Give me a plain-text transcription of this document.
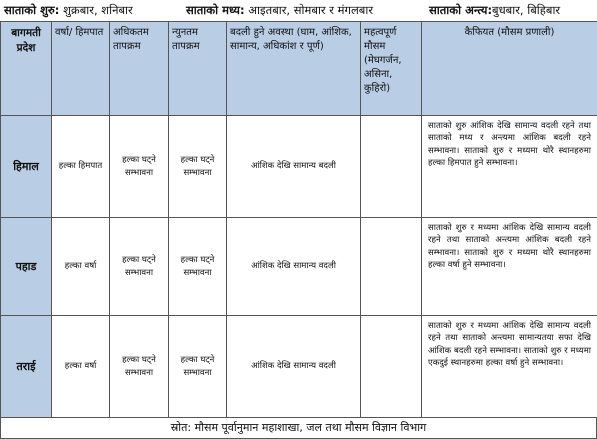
साताको शुरु: शुक्रबार, शनिबार	साताको मध्य: आइतबार, सोमबार र मंगलबार	साताको अन्त्य:बुधबार, बिहिबार
बागमती प्रदेश	वर्षा/ हिमपात	अधिकतम तापक्रम	न्युनतम तापक्रम	बदली हुने अवस्था (घाम, आंशिक, सामान्य, अधिकांश र पूर्ण)	महत्वपूर्ण मौसम (मेघगर्जन, असिना, कुहिरो)	कैफियत (मौसम प्रणाली)
हिमाल	हल्का हिमपात	हल्का घट्ने सम्भावना	हल्का घट्ने सम्भावना	आंशिक देखि सामान्य बदली		साताको शुरु आंशिक देखि सामान्य वदली रहने तथा साताको मध्य र अन्त्यमा आंशिक बदली रहने सम्भावना। साताको शुरु र मध्यमा थोरै स्थानहरुमा हल्का हिमपात हुने सम्भावना।
पहाड	हल्का वर्षा	हल्का घट्ने सम्भावना	हल्का घट्ने सम्भावना	आंशिक देखि सामान्य वदली		साताको शुरु र मध्यमा आंशिक देखि सामान्य वदली रहने तथा साताको अन्त्यमा आंशिक बदली रहने सम्भावना। साताको शुरु र मध्यमा थोरै स्थानहरुमा हल्का वर्षा हुने सम्भावना।
तराई	हल्का वर्षा	हल्का घट्ने सम्भावना	हल्का घट्ने सम्भावना	आंशिक देखि सामान्य वदली		साताको शुरु र मध्यमा आंशिक देखि सामान्य वदली रहने तथा साताको अन्त्यमा सामान्यतया सफा देखि आंशिक बदली रहने सम्भावना। साताको शुरु र मध्यमा एकदुई स्थानहरुमा हल्का वर्षा हुने सम्भावना।
स्रोत: मौसम पूर्वानुमान महाशाखा, जल तथा मौसम विज्ञान विभाग
